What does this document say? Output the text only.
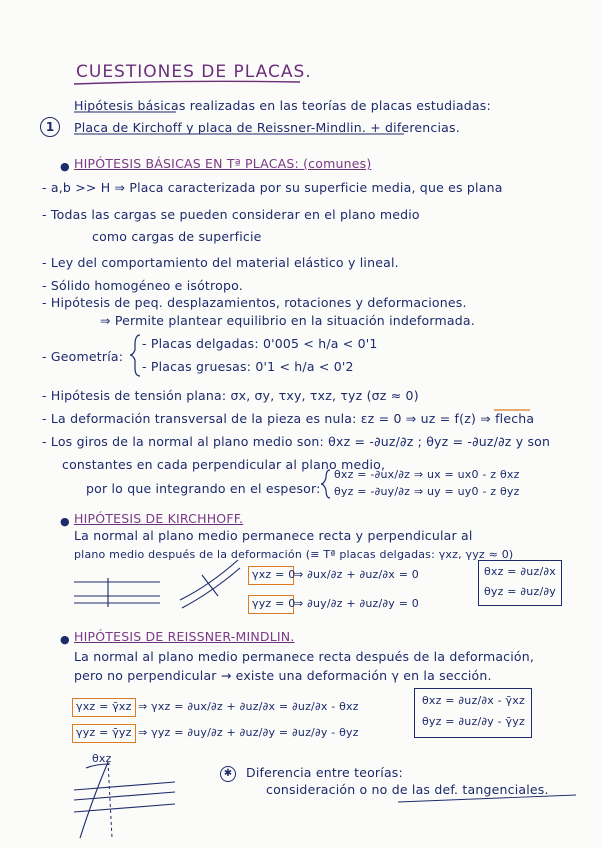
CUESTIONES DE PLACAS.
1
Hipótesis básicas realizadas en las teorías de placas estudiadas:
Placa de Kirchoff y placa de Reissner-Mindlin. + diferencias.
● HIPÓTESIS BÁSICAS EN Tª PLACAS: (comunes)
- a,b >> H ⇒ Placa caracterizada por su superficie media, que es plana
- Todas las cargas se pueden considerar en el plano medio
como cargas de superficie
- Ley del comportamiento del material elástico y lineal.
- Sólido homogéneo e isótropo.
- Hipótesis de peq. desplazamientos, rotaciones y deformaciones.
⇒ Permite plantear equilibrio en la situación indeformada.
- Geometría:
- Placas delgadas: 0'005 < h/a < 0'1
- Placas gruesas: 0'1 < h/a < 0'2
- Hipótesis de tensión plana: σx, σy, τxy, τxz, τyz (σz ≈ 0)
- La deformación transversal de la pieza es nula: εz = 0 ⇒ uz = f(z) ⇒ flecha
- Los giros de la normal al plano medio son: θxz = -∂uz/∂z ; θyz = -∂uz/∂z y son
constantes en cada perpendicular al plano medio,
θxz = -∂ux/∂z ⇒ ux = ux0 - z θxz
por lo que integrando en el espesor: θyz = -∂uy/∂z ⇒ uy = uy0 - z θyz
● HIPÓTESIS DE KIRCHHOFF.
La normal al plano medio permanece recta y perpendicular al
plano medio después de la deformación (≡ Tª placas delgadas: γxz, γyz ≈ 0)
γxz = 0
⇒ ∂ux/∂z + ∂uz/∂x = 0
γyz = 0
⇒ ∂uy/∂z + ∂uz/∂y = 0
θxz = ∂uz/∂x
θyz = ∂uz/∂y
● HIPÓTESIS DE REISSNER-MINDLIN.
La normal al plano medio permanece recta después de la deformación,
pero no perpendicular → existe una deformación γ en la sección.
γxz = γ̄xz ⇒ γxz = ∂ux/∂z + ∂uz/∂x = ∂uz/∂x - θxz
γyz = γ̄yz ⇒ γyz = ∂uy/∂z + ∂uz/∂y = ∂uz/∂y - θyz
θxz = ∂uz/∂x - γ̄xz
θyz = ∂uz/∂y - γ̄yz
θxz
✱	Diferencia entre teorías:
consideración o no de las def. tangenciales.
